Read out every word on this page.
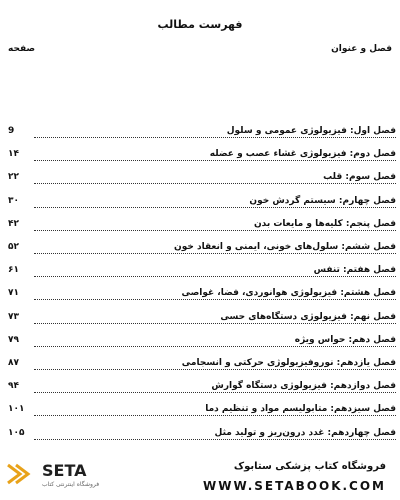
فهرست مطالب
فصل و عنوان
صفحه
فصل اول: فیزیولوژی عمومی و سلول
9
فصل دوم: فیزیولوژی غشاء عصب و عضله
۱۴
فصل سوم: قلب
۲۲
فصل چهارم: سیستم گردش خون
۳۰
فصل پنجم: کلیه‌ها و مایعات بدن
۴۲
فصل ششم: سلول‌های خونی، ایمنی و انعقاد خون
۵۲
فصل هفتم: تنفس
۶۱
فصل هشتم: فیزیولوژی هوانوردی، فضا، غواصی
۷۱
فصل نهم: فیزیولوژی دستگاه‌های حسی
۷۳
فصل دهم: حواس ویژه
۷۹
فصل یازدهم: نوروفیزیولوژی حرکتی و انسجامی
۸۷
فصل دوازدهم: فیزیولوژی دستگاه گوارش
۹۴
فصل سیزدهم: متابولیسم مواد و تنظیم دما
۱۰۱
فصل چهاردهم: غدد درون‌ریز و تولید مثل
۱۰۵
SETA
فروشگاه اینترنتی کتاب
فروشگاه کتاب پزشکی ستابوک
WWW.SETABOOK.COM
